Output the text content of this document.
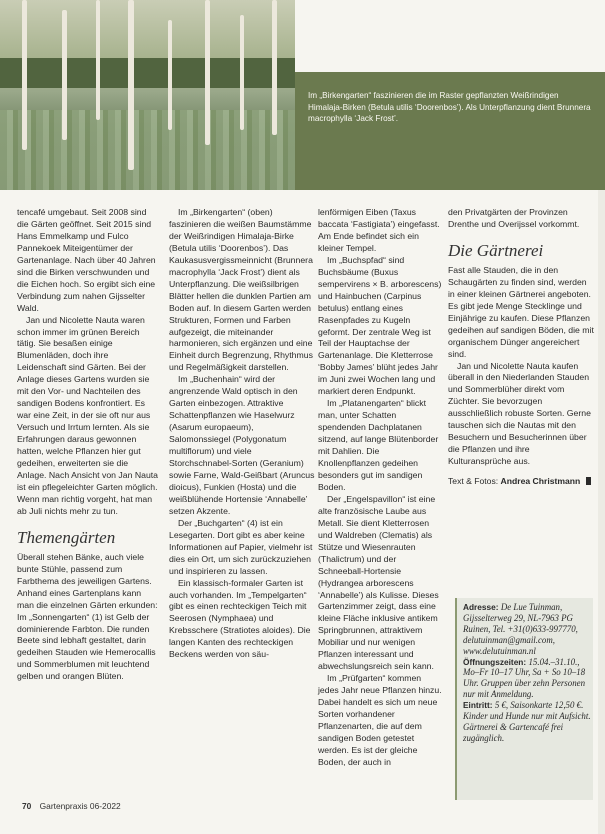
Im „Birkengarten“ faszinieren die im Raster gepflanzten Weißrindigen Himalaja-Birken (Betula utilis ‘Doorenbos’). Als Unterpflanzung dient Brunnera macrophylla ‘Jack Frost’.

tencafé umgebaut. Seit 2008 sind die Gärten geöffnet. Seit 2015 sind Hans Emmelkamp und Fulco Pannekoek Miteigentümer der Gartenanlage. Nach über 40 Jahren sind die Birken verschwunden und die Eichen hoch. So ergibt sich eine Verbindung zum nahen Gijsselter Wald.

Jan und Nicolette Nauta waren schon immer im grünen Bereich tätig. Sie besaßen einige Blumenläden, doch ihre Leidenschaft sind Gärten. Bei der Anlage dieses Gartens wurden sie mit den Vor- und Nachteilen des sandigen Bodens konfrontiert. Es war eine Zeit, in der sie oft nur aus Versuch und Irrtum lernten. Als sie Erfahrungen daraus gewonnen hatten, welche Pflanzen hier gut gedeihen, erweiterten sie die Anlage. Nach Ansicht von Jan Nauta ist ein pflegeleichter Garten möglich. Wenn man richtig vorgeht, hat man ab Juli nichts mehr zu tun.

Themengärten

Überall stehen Bänke, auch viele bunte Stühle, passend zum Farbthema des jeweiligen Gartens. Anhand eines Gartenplans kann man die einzelnen Gärten erkunden: Im „Sonnengarten“ (1) ist Gelb der dominierende Farbton. Die runden Beete sind lebhaft gestaltet, darin gedeihen Stauden wie Hemerocallis und Sommerblumen mit leuchtend gelben und orangen Blüten.

Im „Birkengarten“ (oben) faszinieren die weißen Baumstämme der Weißrindigen Himalaja-Birke (Betula utilis ‘Doorenbos’). Das Kaukasusvergissmeinnicht (Brunnera macrophylla ‘Jack Frost’) dient als Unterpflanzung. Die weißsilbrigen Blätter hellen die dunklen Partien am Boden auf. In diesem Garten werden Strukturen, Formen und Farben aufgezeigt, die miteinander harmonieren, sich ergänzen und eine Einheit durch Begrenzung, Rhythmus und Regelmäßigkeit darstellen.

Im „Buchenhain“ wird der angrenzende Wald optisch in den Garten einbezogen. Attraktive Schattenpflanzen wie Haselwurz (Asarum europaeum), Salomonssiegel (Polygonatum multiflorum) und viele Storchschnabel-Sorten (Geranium) sowie Farne, Wald-Geißbart (Aruncus dioicus), Funkien (Hosta) und die weißblühende Hortensie ‘Annabelle’ setzen Akzente.

Der „Buchgarten“ (4) ist ein Lesegarten. Dort gibt es aber keine Informationen auf Papier, vielmehr ist dies ein Ort, um sich zurückzuziehen und inspirieren zu lassen.

Ein klassisch-formaler Garten ist auch vorhanden. Im „Tempelgarten“ gibt es einen rechteckigen Teich mit Seerosen (Nymphaea) und Krebsschere (Stratiotes aloides). Die langen Kanten des rechteckigen Beckens werden von säu-

lenförmigen Eiben (Taxus baccata ‘Fastigiata’) eingefasst. Am Ende befindet sich ein kleiner Tempel.

Im „Buchspfad“ sind Buchsbäume (Buxus sempervirens × B. arborescens) und Hainbuchen (Carpinus betulus) entlang eines Rasenpfades zu Kugeln geformt. Der zentrale Weg ist Teil der Hauptachse der Gartenanlage. Die Kletterrose ‘Bobby James’ blüht jedes Jahr im Juni zwei Wochen lang und markiert deren Endpunkt.

Im „Platanengarten“ blickt man, unter Schatten spendenden Dachplatanen sitzend, auf lange Blütenborder mit Dahlien. Die Knollenpflanzen gedeihen besonders gut im sandigen Boden.

Der „Engelspavillon“ ist eine alte französische Laube aus Metall. Sie dient Kletterrosen und Waldreben (Clematis) als Stütze und Wiesenrauten (Thalictrum) und der Schneeball-Hortensie (Hydrangea arborescens ‘Annabelle’) als Kulisse. Dieses Gartenzimmer zeigt, dass eine kleine Fläche inklusive antikem Springbrunnen, attraktivem Mobiliar und nur wenigen Pflanzen interessant und abwechslungsreich sein kann.

Im „Prüfgarten“ kommen jedes Jahr neue Pflanzen hinzu. Dabei handelt es sich um neue Sorten vorhandener Pflanzenarten, die auf dem sandigen Boden getestet werden. Es ist der gleiche Boden, der auch in

den Privatgärten der Provinzen Drenthe und Overijssel vorkommt.

Die Gärtnerei

Fast alle Stauden, die in den Schaugärten zu finden sind, werden in einer kleinen Gärtnerei angeboten. Es gibt jede Menge Stecklinge und Einjährige zu kaufen. Diese Pflanzen gedeihen auf sandigen Böden, die mit organischem Dünger angereichert sind.

Jan und Nicolette Nauta kaufen überall in den Niederlanden Stauden und Sommerblüher direkt vom Züchter. Sie bevorzugen ausschließlich robuste Sorten. Gerne tauschen sich die Nautas mit den Besuchern und Besucherinnen über die Pflanzen und ihre Kulturansprüche aus.

Text & Fotos: Andrea Christmann

Adresse: De Lue Tuinman, Gijsselterweg 29, NL-7963 PG Ruinen, Tel. +31(0)633-997770, delutuinman@gmail.com, www.delutuinman.nl
Öffnungszeiten: 15.04.–31.10., Mo–Fr 10–17 Uhr, Sa + So 10–18 Uhr. Gruppen über zehn Personen nur mit Anmeldung.
Eintritt: 5 €, Saisonkarte 12,50 €. Kinder und Hunde nur mit Aufsicht. Gärtnerei & Gartencafé frei zugänglich.
70 Gartenpraxis 06-2022
